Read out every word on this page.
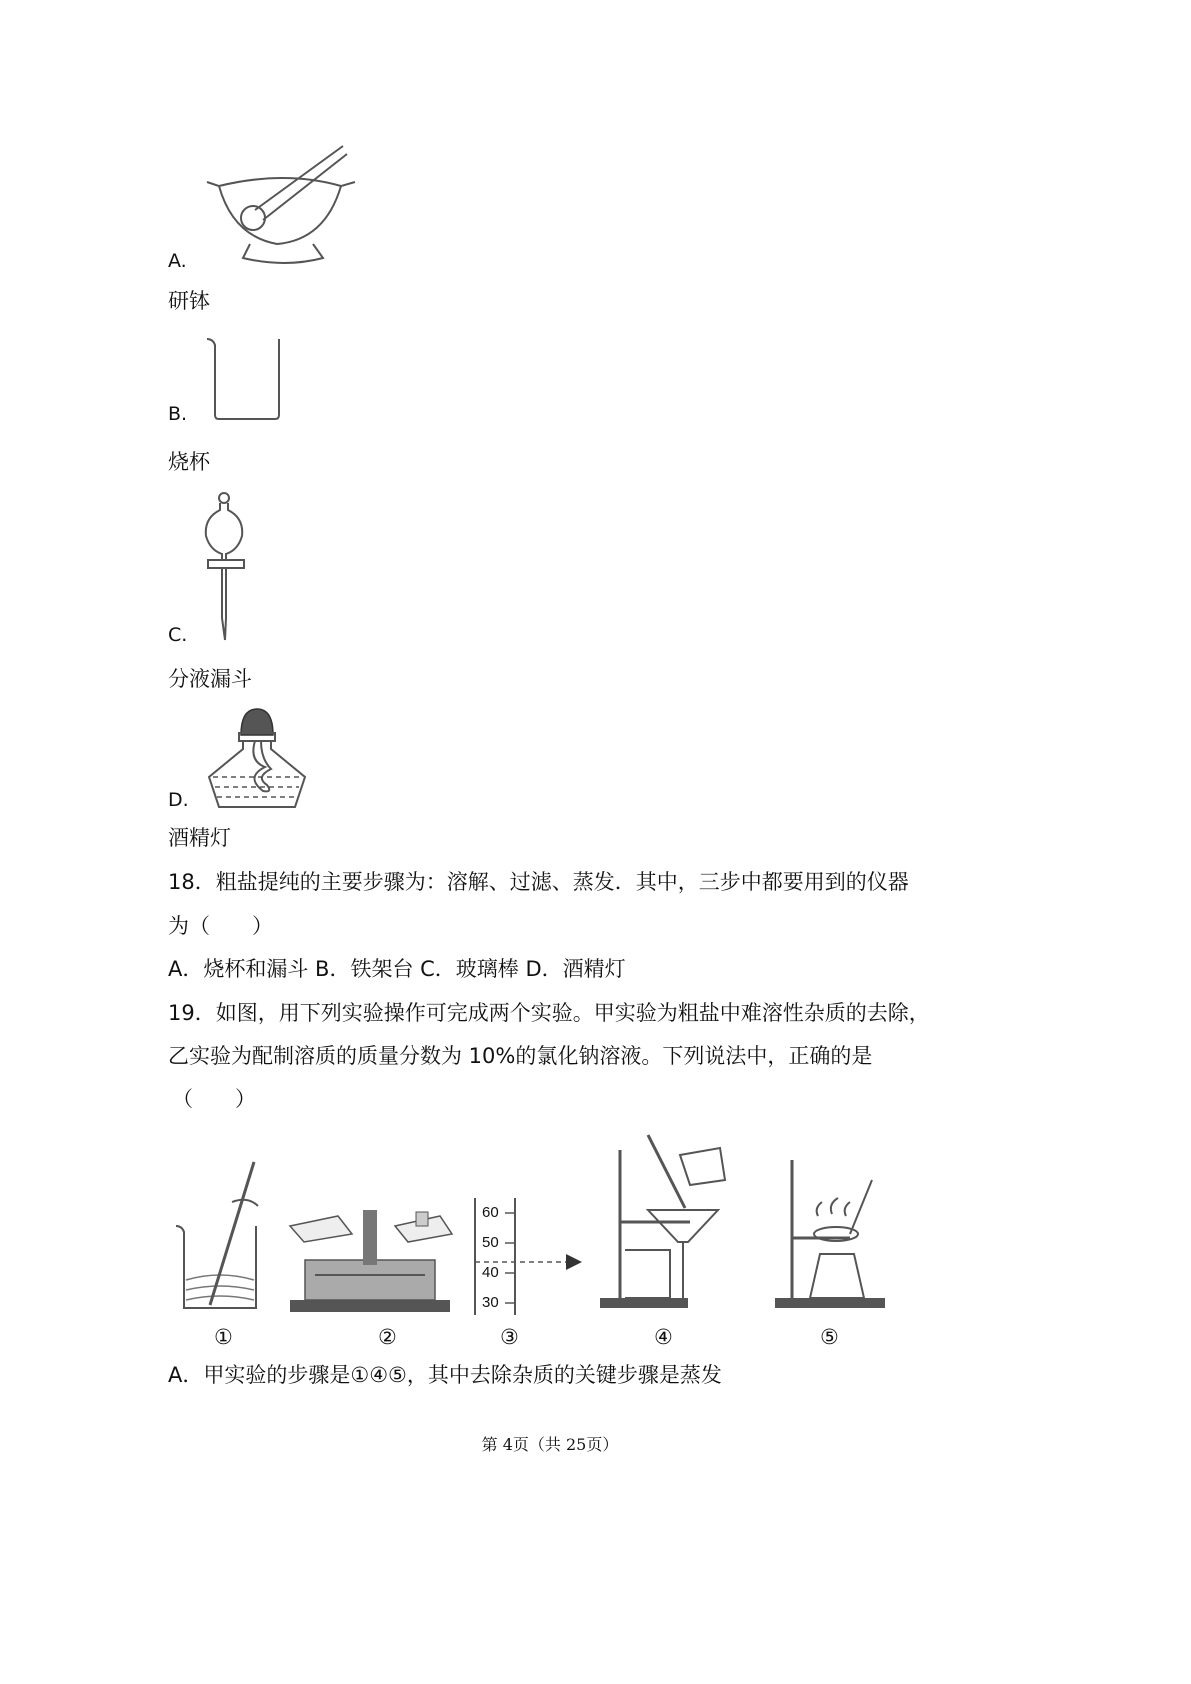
A.
研钵
B.
烧杯
C.
分液漏斗
D.
酒精灯
18．粗盐提纯的主要步骤为：溶解、过滤、蒸发．其中，三步中都要用到的仪器
为（　　）
A．烧杯和漏斗 B．铁架台 C．玻璃棒 D．酒精灯
19．如图，用下列实验操作可完成两个实验。甲实验为粗盐中难溶性杂质的去除，
乙实验为配制溶质的质量分数为 10%的氯化钠溶液。下列说法中，正确的是
（　　）
60
50
40
30
①	②	③	④	⑤
A．甲实验的步骤是①④⑤，其中去除杂质的关键步骤是蒸发
第 4页（共 25页）
